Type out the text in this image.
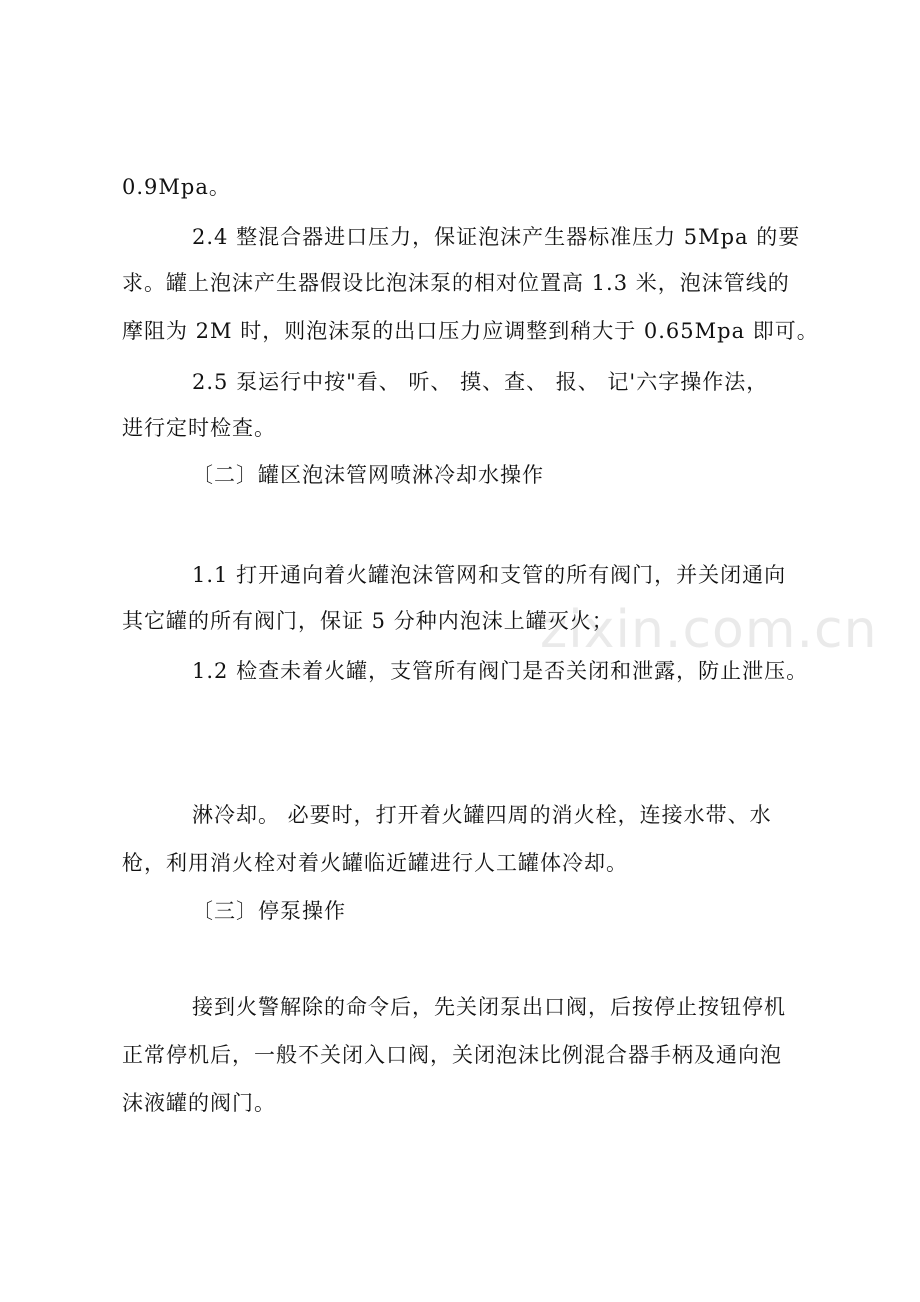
zixin.com.cn
0.9Mpa。
2.4 整混合器进口压力，保证泡沫产生器标准压力 5Mpa 的要
求。罐上泡沫产生器假设比泡沫泵的相对位置高 1.3 米，泡沫管线的
摩阻为 2M 时，则泡沫泵的出口压力应调整到稍大于 0.65Mpa 即可。
2.5 泵运行中按"看、 听、 摸、查、 报、 记'六字操作法，
进行定时检查。
〔二〕罐区泡沫管网喷淋冷却水操作
1.1 打开通向着火罐泡沫管网和支管的所有阀门，并关闭通向
其它罐的所有阀门，保证 5 分种内泡沫上罐灭火；
1.2 检查未着火罐，支管所有阀门是否关闭和泄露，防止泄压。
淋冷却。 必要时，打开着火罐四周的消火栓，连接水带、水
枪，利用消火栓对着火罐临近罐进行人工罐体冷却。
〔三〕停泵操作
接到火警解除的命令后，先关闭泵出口阀，后按停止按钮停机
正常停机后，一般不关闭入口阀，关闭泡沫比例混合器手柄及通向泡
沫液罐的阀门。
